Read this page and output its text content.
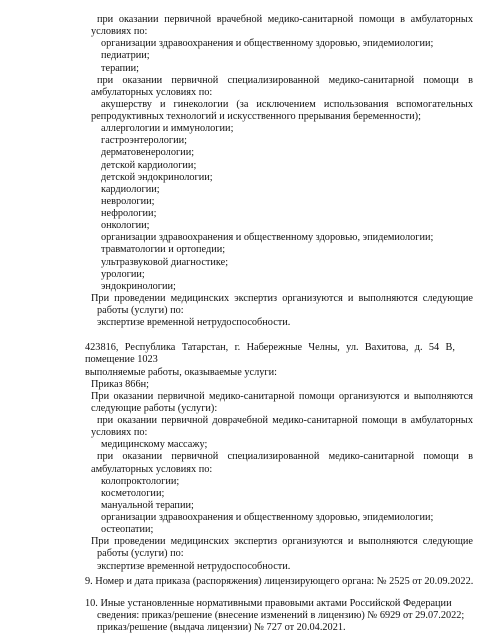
при оказании первичной врачебной медико-санитарной помощи в амбулаторных
условиях по:
организации здравоохранения и общественному здоровью, эпидемиологии;
педиатрии;
терапии;
при оказании первичной специализированной медико-санитарной помощи в
амбулаторных условиях по:
акушерству и гинекологии (за исключением использования вспомогательных
репродуктивных технологий и искусственного прерывания беременности);
аллергологии и иммунологии;
гастроэнтерологии;
дерматовенерологии;
детской кардиологии;
детской эндокринологии;
кардиологии;
неврологии;
нефрологии;
онкологии;
организации здравоохранения и общественному здоровью, эпидемиологии;
травматологии и ортопедии;
ультразвуковой диагностике;
урологии;
эндокринологии;
При проведении медицинских экспертиз организуются и выполняются следующие
работы (услуги) по:
экспертизе временной нетрудоспособности.
423816, Республика Татарстан, г. Набережные Челны, ул. Вахитова, д. 54 В,
помещение 1023
выполняемые работы, оказываемые услуги:
Приказ 866н;
При оказании первичной медико-санитарной помощи организуются и выполняются
следующие работы (услуги):
при оказании первичной доврачебной медико-санитарной помощи в амбулаторных
условиях по:
медицинскому массажу;
при оказании первичной специализированной медико-санитарной помощи в
амбулаторных условиях по:
колопроктологии;
косметологии;
мануальной терапии;
организации здравоохранения и общественному здоровью, эпидемиологии;
остеопатии;
При проведении медицинских экспертиз организуются и выполняются следующие
работы (услуги) по:
экспертизе временной нетрудоспособности.
9. Номер и дата приказа (распоряжения) лицензирующего органа: № 2525 от 20.09.2022.
10. Иные установленные нормативными правовыми актами Российской Федерации
сведения: приказ/решение (внесение изменений в лицензию) № 6929 от 29.07.2022;
приказ/решение (выдача лицензии) № 727 от 20.04.2021.
